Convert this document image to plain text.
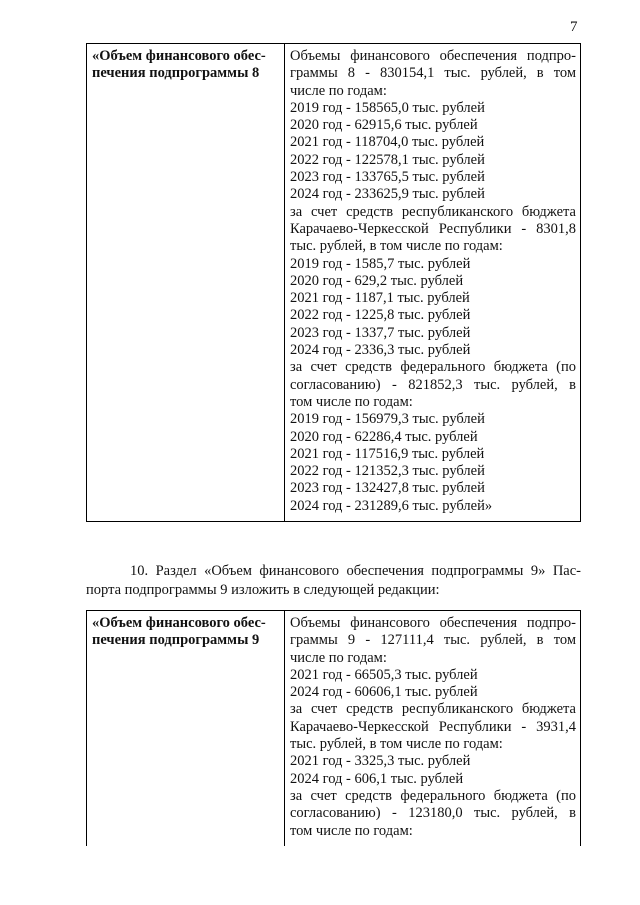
7
«Объем финансового обес-
печения подпрограммы 8

Объемы финансового обеспечения подпро-
граммы 8 - 830154,1 тыс. рублей, в том
числе по годам:
2019 год - 158565,0 тыс. рублей
2020 год - 62915,6 тыс. рублей
2021 год - 118704,0 тыс. рублей
2022 год - 122578,1 тыс. рублей
2023 год - 133765,5 тыс. рублей
2024 год - 233625,9 тыс. рублей
за счет средств республиканского бюджета
Карачаево-Черкесской Республики - 8301,8
тыс. рублей, в том числе по годам:
2019 год - 1585,7 тыс. рублей
2020 год - 629,2 тыс. рублей
2021 год - 1187,1 тыс. рублей
2022 год - 1225,8 тыс. рублей
2023 год - 1337,7 тыс. рублей
2024 год - 2336,3 тыс. рублей
за счет средств федерального бюджета (по
согласованию) - 821852,3 тыс. рублей, в
том числе по годам:
2019 год - 156979,3 тыс. рублей
2020 год - 62286,4 тыс. рублей
2021 год - 117516,9 тыс. рублей
2022 год - 121352,3 тыс. рублей
2023 год - 132427,8 тыс. рублей
2024 год - 231289,6 тыс. рублей»
10. Раздел «Объем финансового обеспечения подпрограммы 9» Пас-
порта подпрограммы 9 изложить в следующей редакции:
«Объем финансового обес-
печения подпрограммы 9

Объемы финансового обеспечения подпро-
граммы 9 - 127111,4 тыс. рублей, в том
числе по годам:
2021 год - 66505,3 тыс. рублей
2024 год - 60606,1 тыс. рублей
за счет средств республиканского бюджета
Карачаево-Черкесской Республики - 3931,4
тыс. рублей, в том числе по годам:
2021 год - 3325,3 тыс. рублей
2024 год - 606,1 тыс. рублей
за счет средств федерального бюджета (по
согласованию) - 123180,0 тыс. рублей, в
том числе по годам:
